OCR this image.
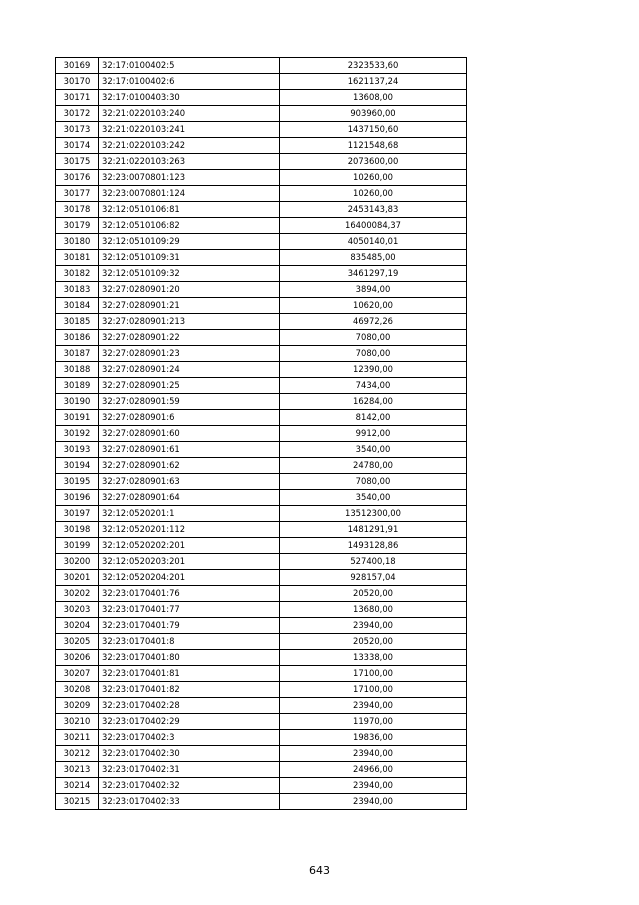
30169	32:17:0100402:5	2323533,60
30170	32:17:0100402:6	1621137,24
30171	32:17:0100403:30	13608,00
30172	32:21:0220103:240	903960,00
30173	32:21:0220103:241	1437150,60
30174	32:21:0220103:242	1121548,68
30175	32:21:0220103:263	2073600,00
30176	32:23:0070801:123	10260,00
30177	32:23:0070801:124	10260,00
30178	32:12:0510106:81	2453143,83
30179	32:12:0510106:82	16400084,37
30180	32:12:0510109:29	4050140,01
30181	32:12:0510109:31	835485,00
30182	32:12:0510109:32	3461297,19
30183	32:27:0280901:20	3894,00
30184	32:27:0280901:21	10620,00
30185	32:27:0280901:213	46972,26
30186	32:27:0280901:22	7080,00
30187	32:27:0280901:23	7080,00
30188	32:27:0280901:24	12390,00
30189	32:27:0280901:25	7434,00
30190	32:27:0280901:59	16284,00
30191	32:27:0280901:6	8142,00
30192	32:27:0280901:60	9912,00
30193	32:27:0280901:61	3540,00
30194	32:27:0280901:62	24780,00
30195	32:27:0280901:63	7080,00
30196	32:27:0280901:64	3540,00
30197	32:12:0520201:1	13512300,00
30198	32:12:0520201:112	1481291,91
30199	32:12:0520202:201	1493128,86
30200	32:12:0520203:201	527400,18
30201	32:12:0520204:201	928157,04
30202	32:23:0170401:76	20520,00
30203	32:23:0170401:77	13680,00
30204	32:23:0170401:79	23940,00
30205	32:23:0170401:8	20520,00
30206	32:23:0170401:80	13338,00
30207	32:23:0170401:81	17100,00
30208	32:23:0170401:82	17100,00
30209	32:23:0170402:28	23940,00
30210	32:23:0170402:29	11970,00
30211	32:23:0170402:3	19836,00
30212	32:23:0170402:30	23940,00
30213	32:23:0170402:31	24966,00
30214	32:23:0170402:32	23940,00
30215	32:23:0170402:33	23940,00
643
